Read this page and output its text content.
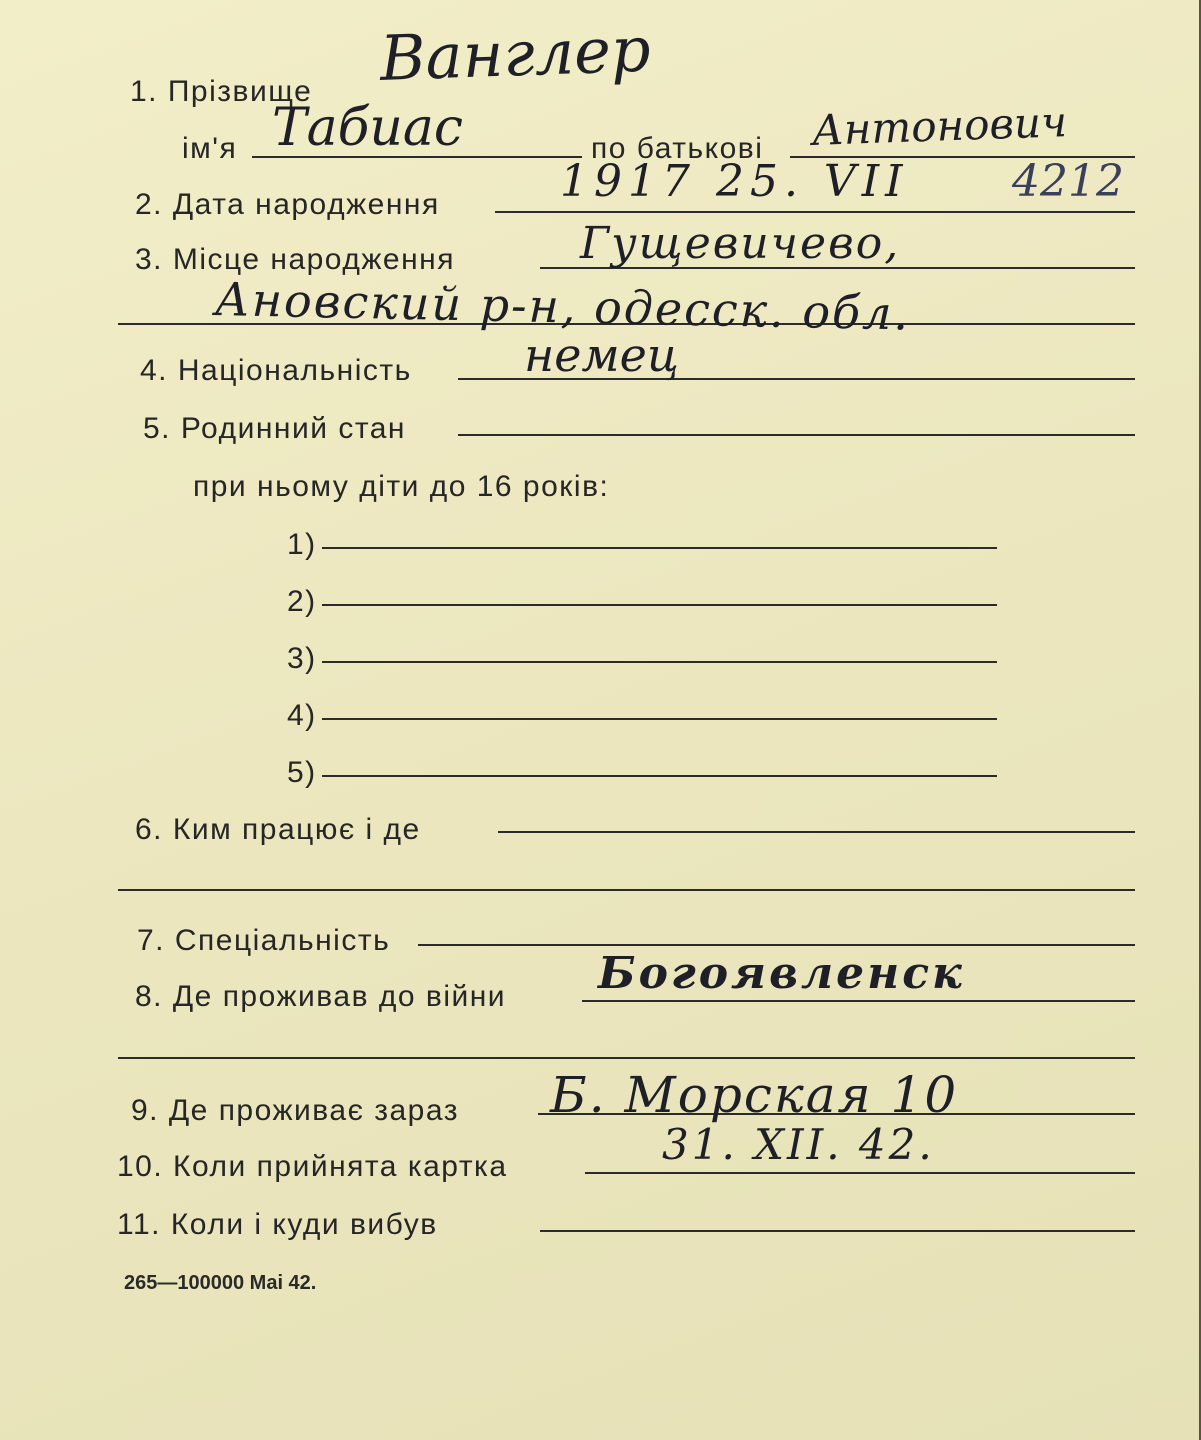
1. Прізвище Ванглер
ім'я Табиас	по батькові Антонович
2. Дата народження	1917 25. VII 4212
3. Місце народження	Гущевичево,
Ановский р-н, одесск. обл.
4. Національність немец
5. Родинний стан
при ньому діти до 16 років:
1)
2)
3)
4)
5)
6. Ким працює і де
7. Спеціальність
8. Де проживав до війни Богоявленск
9. Де проживає зараз Б. Морская 10
10. Коли прийнята картка	31. XII. 42.
11. Коли і куди вибув
265—100000 Mai 42.
